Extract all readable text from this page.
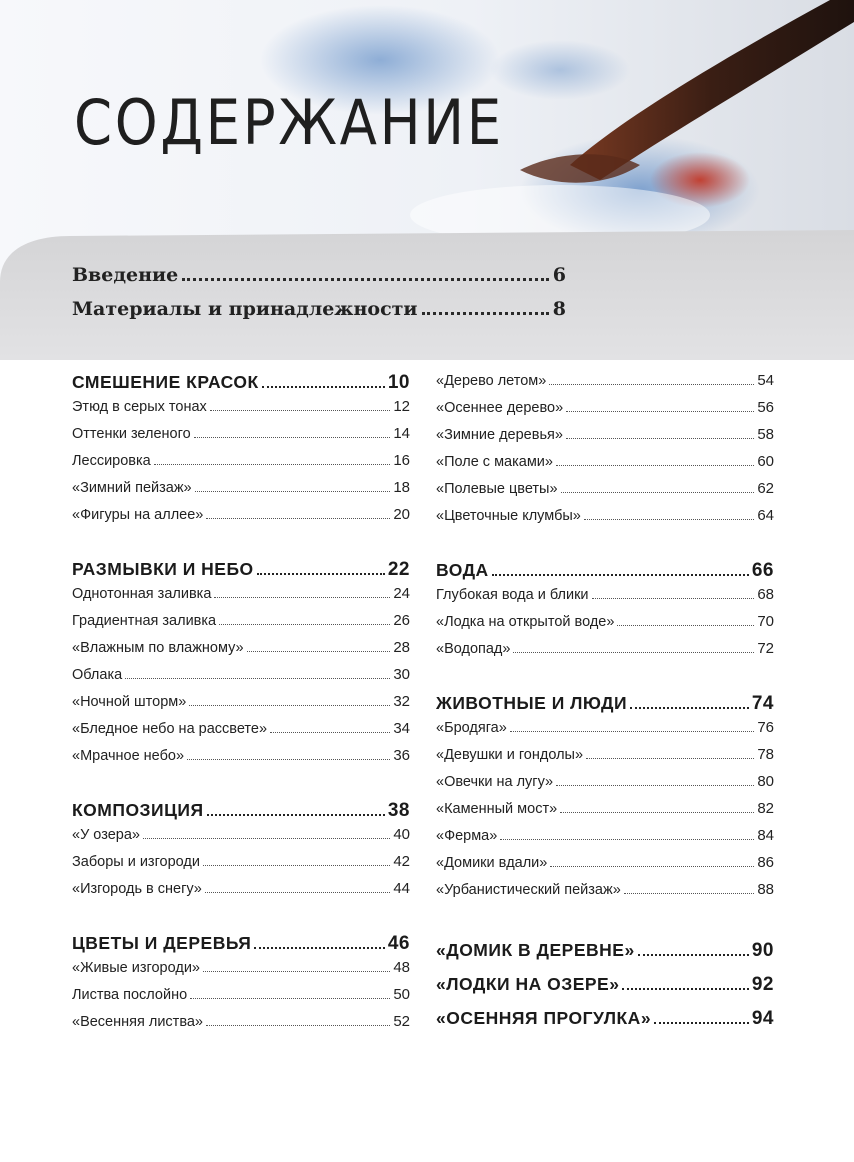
СОДЕРЖАНИЕ
Введение	6
Материалы и принадлежности	8
СМЕШЕНИЕ КРАСОК	10
Этюд в серых тонах	12
Оттенки зеленого	14
Лессировка	16
«Зимний пейзаж»	18
«Фигуры на аллее»	20
РАЗМЫВКИ И НЕБО	22
Однотонная заливка	24
Градиентная заливка	26
«Влажным по влажному»	28
Облака	30
«Ночной шторм»	32
«Бледное небо на рассвете»	34
«Мрачное небо»	36
КОМПОЗИЦИЯ	38
«У озера»	40
Заборы и изгороди	42
«Изгородь в снегу»	44
ЦВЕТЫ И ДЕРЕВЬЯ	46
«Живые изгороди»	48
Листва послойно	50
«Весенняя листва»	52
«Дерево летом»	54
«Осеннее дерево»	56
«Зимние деревья»	58
«Поле с маками»	60
«Полевые цветы»	62
«Цветочные клумбы»	64
ВОДА	66
Глубокая вода и блики	68
«Лодка на открытой воде»	70
«Водопад»	72
ЖИВОТНЫЕ И ЛЮДИ	74
«Бродяга»	76
«Девушки и гондолы»	78
«Овечки на лугу»	80
«Каменный мост»	82
«Ферма»	84
«Домики вдали»	86
«Урбанистический пейзаж»	88
«ДОМИК В ДЕРЕВНЕ»	90
«ЛОДКИ НА ОЗЕРЕ»	92
«ОСЕННЯЯ ПРОГУЛКА»	94
